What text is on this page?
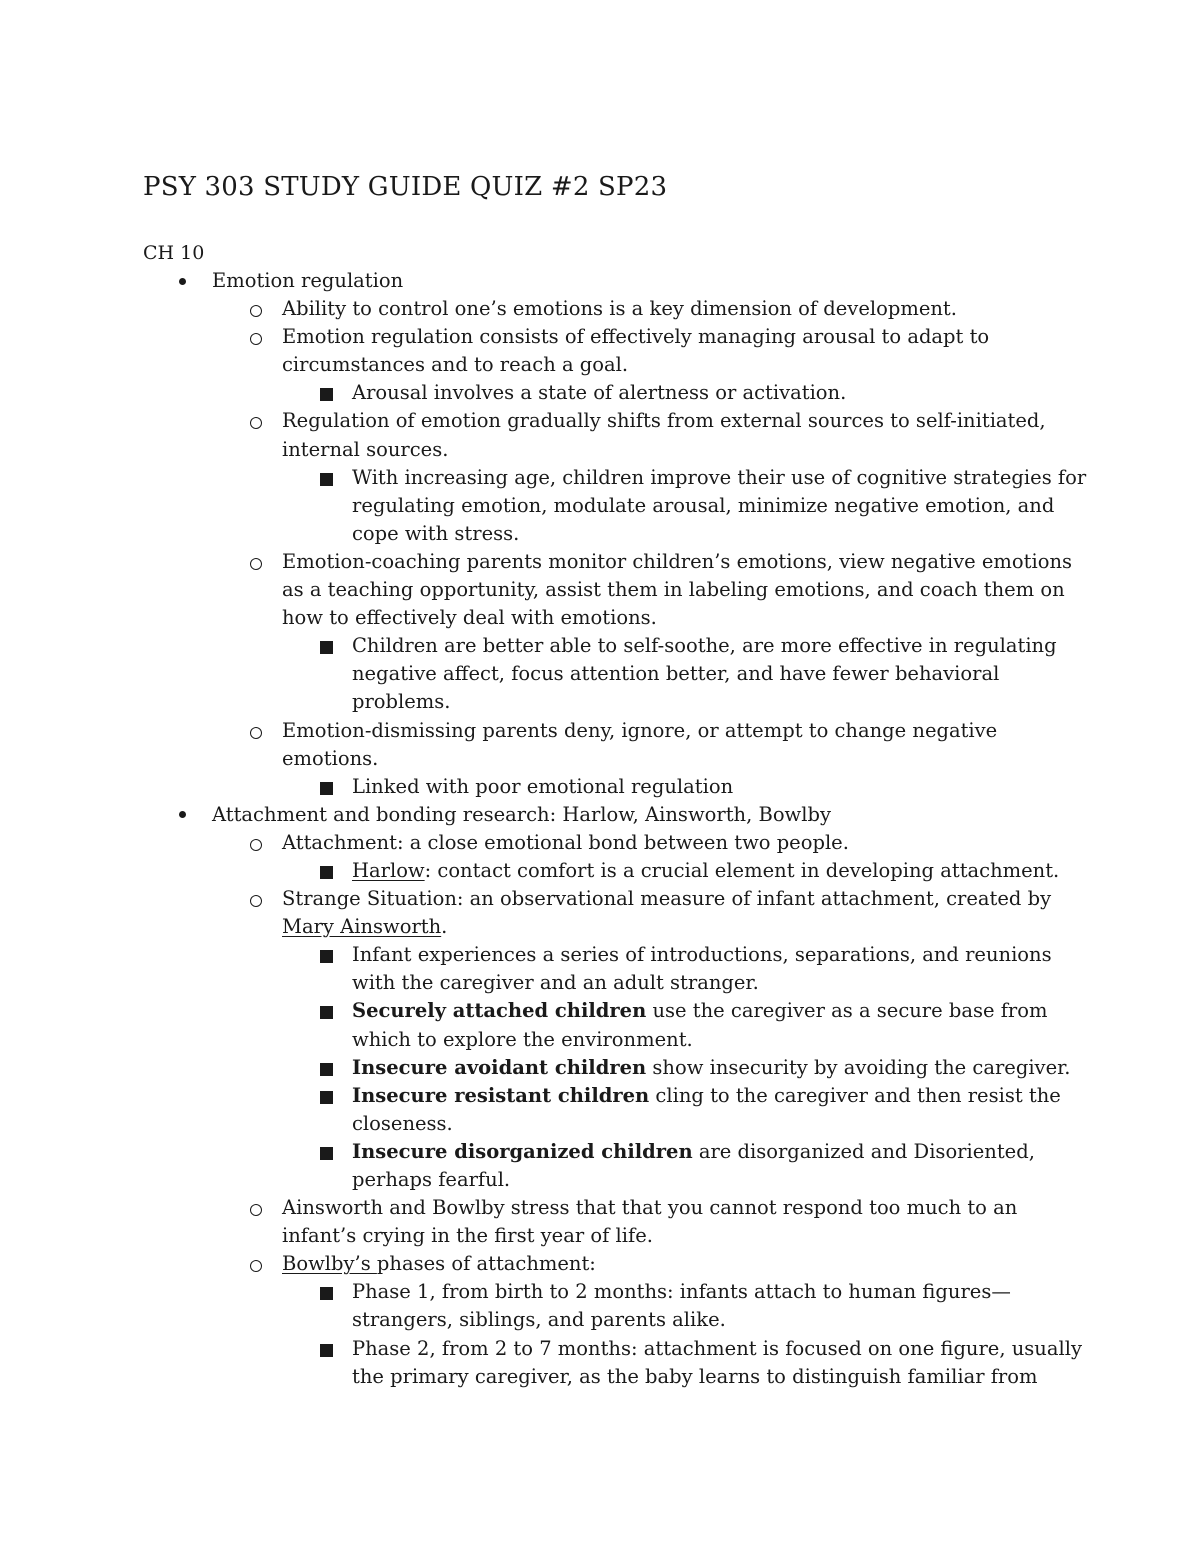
PSY 303 STUDY GUIDE QUIZ #2 SP23
CH 10
Emotion regulation
Ability to control one’s emotions is a key dimension of development.
Emotion regulation consists of effectively managing arousal to adapt to
circumstances and to reach a goal.
Arousal involves a state of alertness or activation.
Regulation of emotion gradually shifts from external sources to self-initiated,
internal sources.
With increasing age, children improve their use of cognitive strategies for
regulating emotion, modulate arousal, minimize negative emotion, and
cope with stress.
Emotion-coaching parents monitor children’s emotions, view negative emotions
as a teaching opportunity, assist them in labeling emotions, and coach them on
how to effectively deal with emotions.
Children are better able to self-soothe, are more effective in regulating
negative affect, focus attention better, and have fewer behavioral
problems.
Emotion-dismissing parents deny, ignore, or attempt to change negative
emotions.
Linked with poor emotional regulation
Attachment and bonding research: Harlow, Ainsworth, Bowlby
Attachment: a close emotional bond between two people.
Harlow: contact comfort is a crucial element in developing attachment.
Strange Situation: an observational measure of infant attachment, created by
Mary Ainsworth.
Infant experiences a series of introductions, separations, and reunions
with the caregiver and an adult stranger.
Securely attached children use the caregiver as a secure base from
which to explore the environment.
Insecure avoidant children show insecurity by avoiding the caregiver.
Insecure resistant children cling to the caregiver and then resist the
closeness.
Insecure disorganized children are disorganized and Disoriented,
perhaps fearful.
Ainsworth and Bowlby stress that that you cannot respond too much to an
infant’s crying in the first year of life.
Bowlby’s phases of attachment:
Phase 1, from birth to 2 months: infants attach to human figures—
strangers, siblings, and parents alike.
Phase 2, from 2 to 7 months: attachment is focused on one figure, usually
the primary caregiver, as the baby learns to distinguish familiar from
